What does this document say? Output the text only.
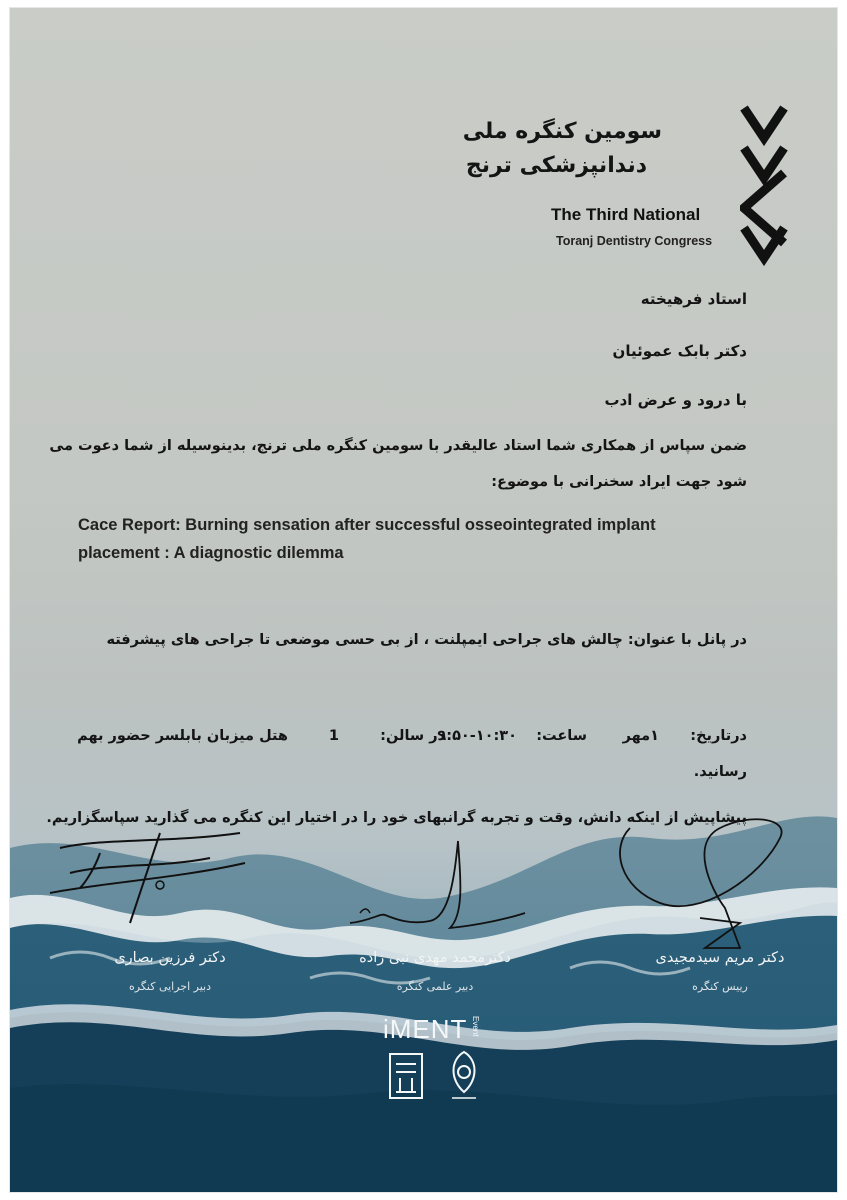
سومین کنگره ملی
دندانپزشکی ترنج
The Third National
Toranj Dentistry Congress
استاد فرهیخته
دکتر بابک عموئیان
با درود و عرض ادب
ضمن سپاس از همکاری شما استاد عالیقدر با سومین کنگره ملی ترنج، بدینوسیله از شما دعوت می
شود جهت ایراد سخنرانی با موضوع:
Cace Report: Burning sensation after successful osseointegrated implant
placement : A diagnostic dilemma
در پانل با عنوان: چالش های جراحی ایمپلنت ، از بی حسی موضعی تا جراحی های پیشرفته
درتاریخ:
۱مهر
ساعت:
۹:۵۰-۱۰:۳۰
در سالن:
1
هتل میزبان بابلسر حضور بهم
رسانید.
پیشاپیش از اینکه دانش، وقت و تجربه گرانبهای خود را در اختیار این کنگره می گذارید سپاسگزاریم.
دکتر مریم سیدمجیدی
رییس کنگره
دکترمحمد مهدی نبی زاده
دبیر علمی کنگره
دکتر فرزین بصاری
دبیر اجرایی کنگره
iMENT Event
